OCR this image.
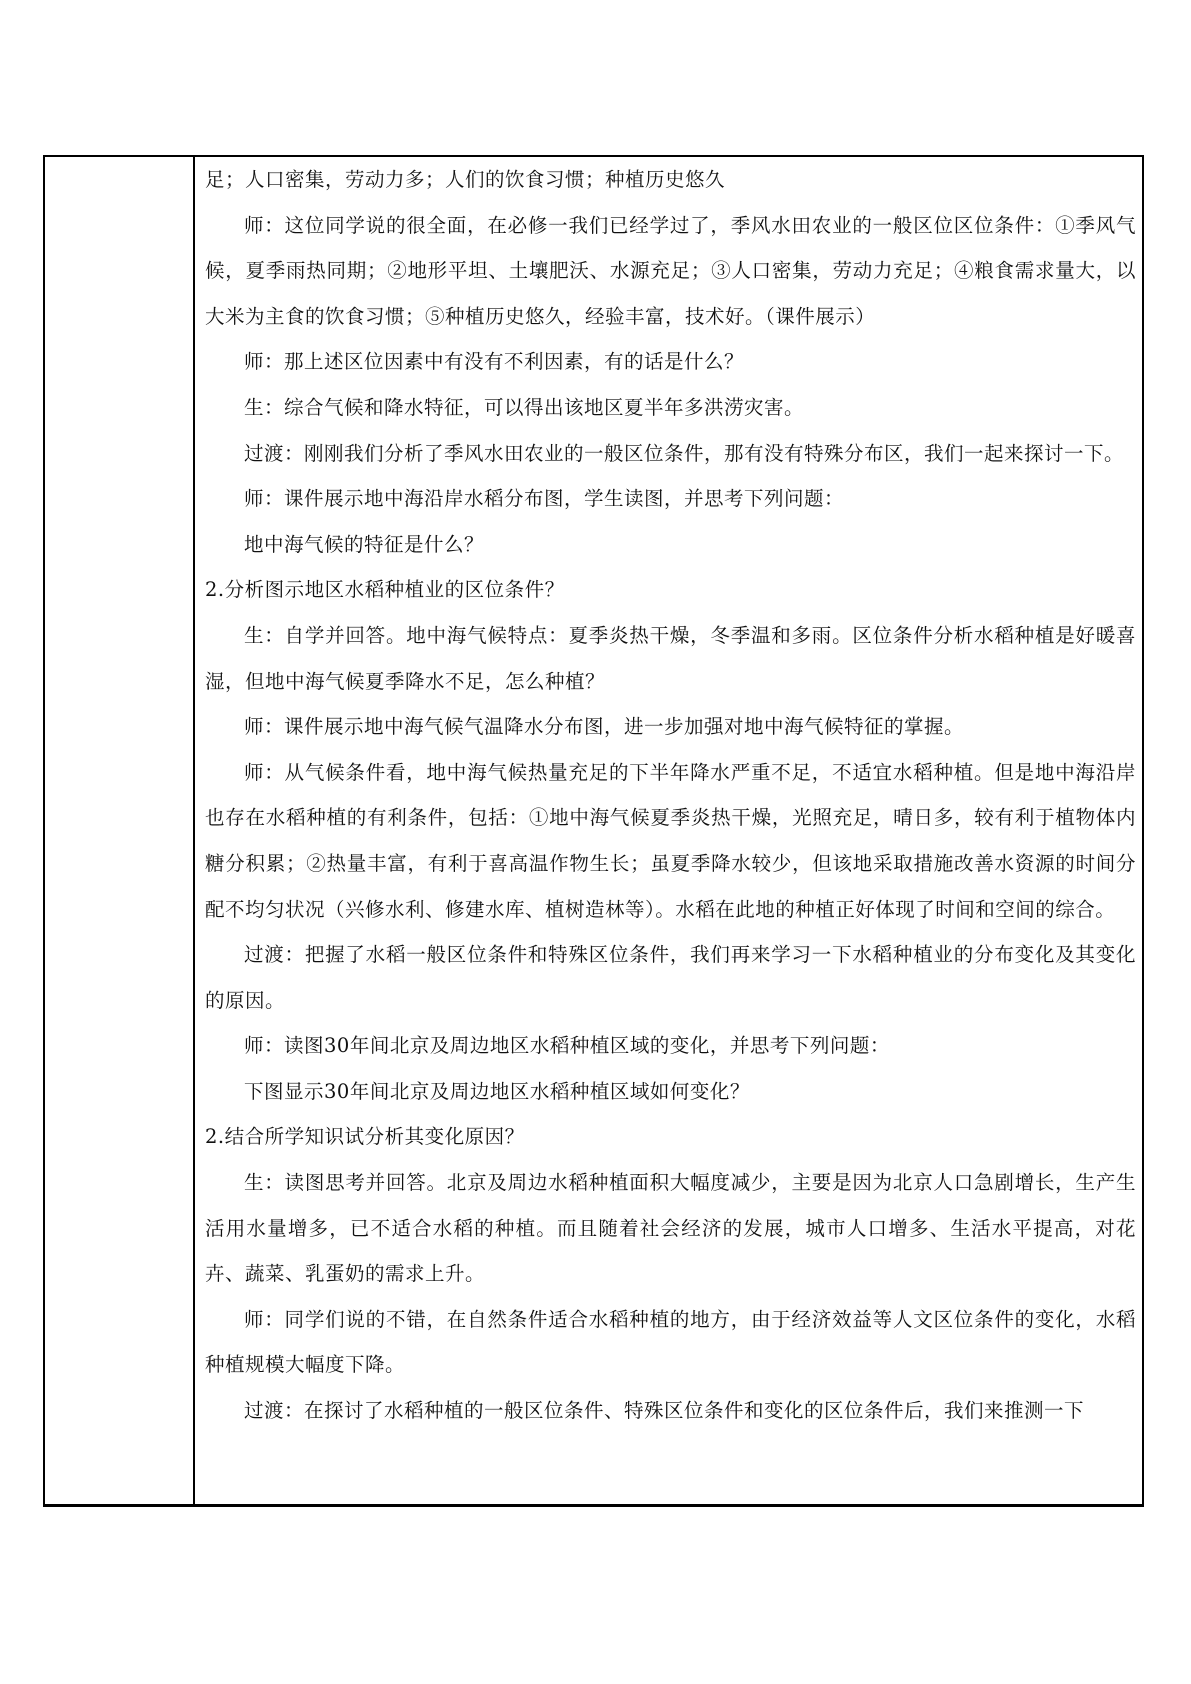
足；人口密集，劳动力多；人们的饮食习惯；种植历史悠久

师：这位同学说的很全面，在必修一我们已经学过了，季风水田农业的一般区位区位条件：①季风气候，夏季雨热同期；②地形平坦、土壤肥沃、水源充足；③人口密集，劳动力充足；④粮食需求量大，以大米为主食的饮食习惯；⑤种植历史悠久，经验丰富，技术好。（课件展示）

师：那上述区位因素中有没有不利因素，有的话是什么？

生：综合气候和降水特征，可以得出该地区夏半年多洪涝灾害。

过渡：刚刚我们分析了季风水田农业的一般区位条件，那有没有特殊分布区，我们一起来探讨一下。

师：课件展示地中海沿岸水稻分布图，学生读图，并思考下列问题：

地中海气候的特征是什么？

2.分析图示地区水稻种植业的区位条件？

生：自学并回答。地中海气候特点：夏季炎热干燥，冬季温和多雨。区位条件分析水稻种植是好暖喜湿，但地中海气候夏季降水不足，怎么种植？

师：课件展示地中海气候气温降水分布图，进一步加强对地中海气候特征的掌握。

师：从气候条件看，地中海气候热量充足的下半年降水严重不足，不适宜水稻种植。但是地中海沿岸也存在水稻种植的有利条件，包括：①地中海气候夏季炎热干燥，光照充足，晴日多，较有利于植物体内糖分积累；②热量丰富，有利于喜高温作物生长；虽夏季降水较少，但该地采取措施改善水资源的时间分配不均匀状况（兴修水利、修建水库、植树造林等）。水稻在此地的种植正好体现了时间和空间的综合。

过渡：把握了水稻一般区位条件和特殊区位条件，我们再来学习一下水稻种植业的分布变化及其变化的原因。

师：读图30年间北京及周边地区水稻种植区域的变化，并思考下列问题：

下图显示30年间北京及周边地区水稻种植区域如何变化？

2.结合所学知识试分析其变化原因？

生：读图思考并回答。北京及周边水稻种植面积大幅度减少，主要是因为北京人口急剧增长，生产生活用水量增多，已不适合水稻的种植。而且随着社会经济的发展，城市人口增多、生活水平提高，对花卉、蔬菜、乳蛋奶的需求上升。

师：同学们说的不错，在自然条件适合水稻种植的地方，由于经济效益等人文区位条件的变化，水稻种植规模大幅度下降。

过渡：在探讨了水稻种植的一般区位条件、特殊区位条件和变化的区位条件后，我们来推测一下
